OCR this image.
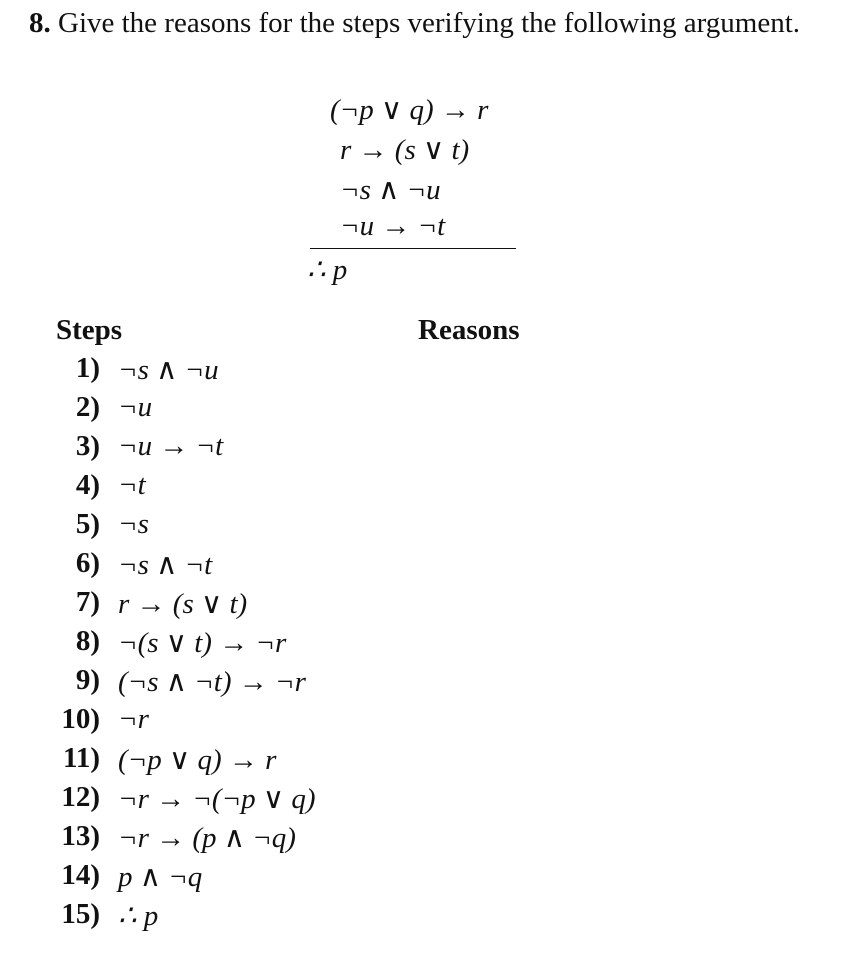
8. Give the reasons for the steps verifying the following argument.
(¬p ∨ q) → r
r → (s ∨ t)
¬s ∧ ¬u
¬u → ¬t
∴ p
Steps	Reasons
1) ¬s ∧ ¬u
2) ¬u
3) ¬u → ¬t
4) ¬t
5) ¬s
6) ¬s ∧ ¬t
7) r → (s ∨ t)
8) ¬(s ∨ t) → ¬r
9) (¬s ∧ ¬t) → ¬r
10) ¬r
11) (¬p ∨ q) → r
12) ¬r → ¬(¬p ∨ q)
13) ¬r → (p ∧ ¬q)
14) p ∧ ¬q
15) ∴ p
